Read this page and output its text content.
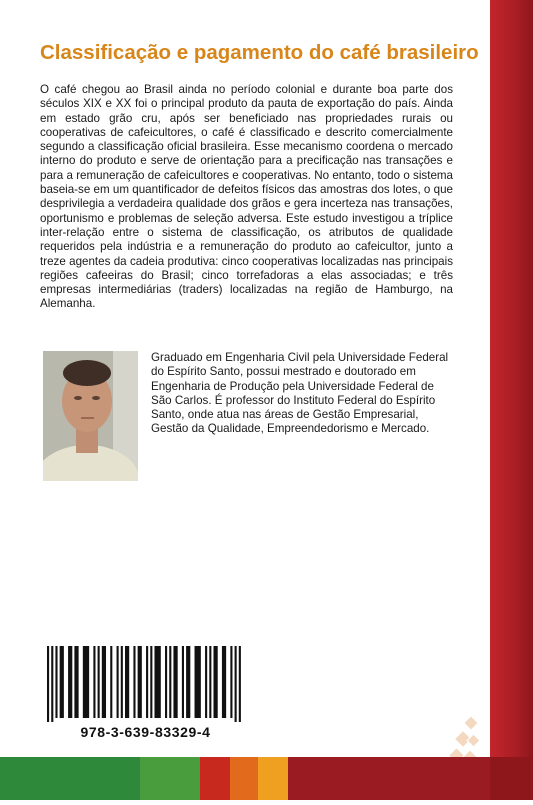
Classificação e pagamento do café brasileiro

O café chegou ao Brasil ainda no período colonial e durante boa parte dos séculos XIX e XX foi o principal produto da pauta de exportação do país. Ainda em estado grão cru, após ser beneficiado nas propriedades rurais ou cooperativas de cafeicultores, o café é classificado e descrito comercialmente segundo a classificação oficial brasileira. Esse mecanismo coordena o mercado interno do produto e serve de orientação para a precificação nas transações e para a remuneração de cafeicultores e cooperativas. No entanto, todo o sistema baseia-se em um quantificador de defeitos físicos das amostras dos lotes, o que desprivilegia a verdadeira qualidade dos grãos e gera incerteza nas transações, oportunismo e problemas de seleção adversa. Este estudo investigou a tríplice inter-relação entre o sistema de classificação, os atributos de qualidade requeridos pela indústria e a remuneração do produto ao cafeicultor, junto a treze agentes da cadeia produtiva: cinco cooperativas localizadas nas principais regiões cafeeiras do Brasil; cinco torrefadoras a elas associadas; e três empresas intermediárias (traders) localizadas na região de Hamburgo, na Alemanha.

Graduado em Engenharia Civil pela Universidade Federal do Espírito Santo, possui mestrado e doutorado em Engenharia de Produção pela Universidade Federal de São Carlos. É professor do Instituto Federal do Espírito Santo, onde atua nas áreas de Gestão Empresarial, Gestão da Qualidade, Empreendedorismo e Mercado.

978-3-639-83329-4
